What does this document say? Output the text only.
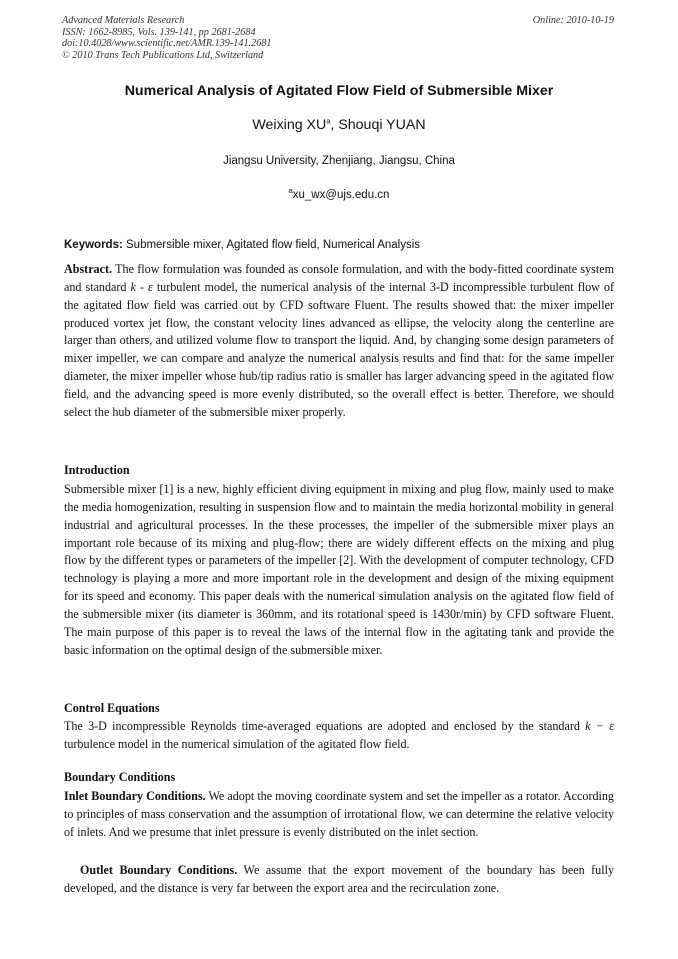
Advanced Materials Research
ISSN: 1662-8985, Vols. 139-141, pp 2681-2684
doi:10.4028/www.scientific.net/AMR.139-141.2681
© 2010 Trans Tech Publications Ltd, Switzerland
Online: 2010-10-19
Numerical Analysis of Agitated Flow Field of Submersible Mixer
Weixing $XU^a$, Shouqi YUAN
Jiangsu University, Zhenjiang, Jiangsu, China
$^a$xu_wx@ujs.edu.cn
Keywords: Submersible mixer, Agitated flow field, Numerical Analysis
Abstract. The flow formulation was founded as console formulation, and with the body-fitted coordinate system and standard k - ε turbulent model, the numerical analysis of the internal 3-D incompressible turbulent flow of the agitated flow field was carried out by CFD software Fluent. The results showed that: the mixer impeller produced vortex jet flow, the constant velocity lines advanced as ellipse, the velocity along the centerline are larger than others, and utilized volume flow to transport the liquid. And, by changing some design parameters of mixer impeller, we can compare and analyze the numerical analysis results and find that: for the same impeller diameter, the mixer impeller whose hub/tip radius ratio is smaller has larger advancing speed in the agitated flow field, and the advancing speed is more evenly distributed, so the overall effect is better. Therefore, we should select the hub diameter of the submersible mixer properly.
Introduction
Submersible mixer [1] is a new, highly efficient diving equipment in mixing and plug flow, mainly used to make the media homogenization, resulting in suspension flow and to maintain the media horizontal mobility in general industrial and agricultural processes. In the these processes, the impeller of the submersible mixer plays an important role because of its mixing and plug-flow; there are widely different effects on the mixing and plug flow by the different types or parameters of the impeller [2]. With the development of computer technology, CFD technology is playing a more and more important role in the development and design of the mixing equipment for its speed and economy. This paper deals with the numerical simulation analysis on the agitated flow field of the submersible mixer (its diameter is 360mm, and its rotational speed is 1430r/min) by CFD software Fluent. The main purpose of this paper is to reveal the laws of the internal flow in the agitating tank and provide the basic information on the optimal design of the submersible mixer.
Control Equations
The 3-D incompressible Reynolds time-averaged equations are adopted and enclosed by the standard k − ε turbulence model in the numerical simulation of the agitated flow field.
Boundary Conditions
Inlet Boundary Conditions. We adopt the moving coordinate system and set the impeller as a rotator. According to principles of mass conservation and the assumption of irrotational flow, we can determine the relative velocity of inlets. And we presume that inlet pressure is evenly distributed on the inlet section.
Outlet Boundary Conditions. We assume that the export movement of the boundary has been fully developed, and the distance is very far between the export area and the recirculation zone.
